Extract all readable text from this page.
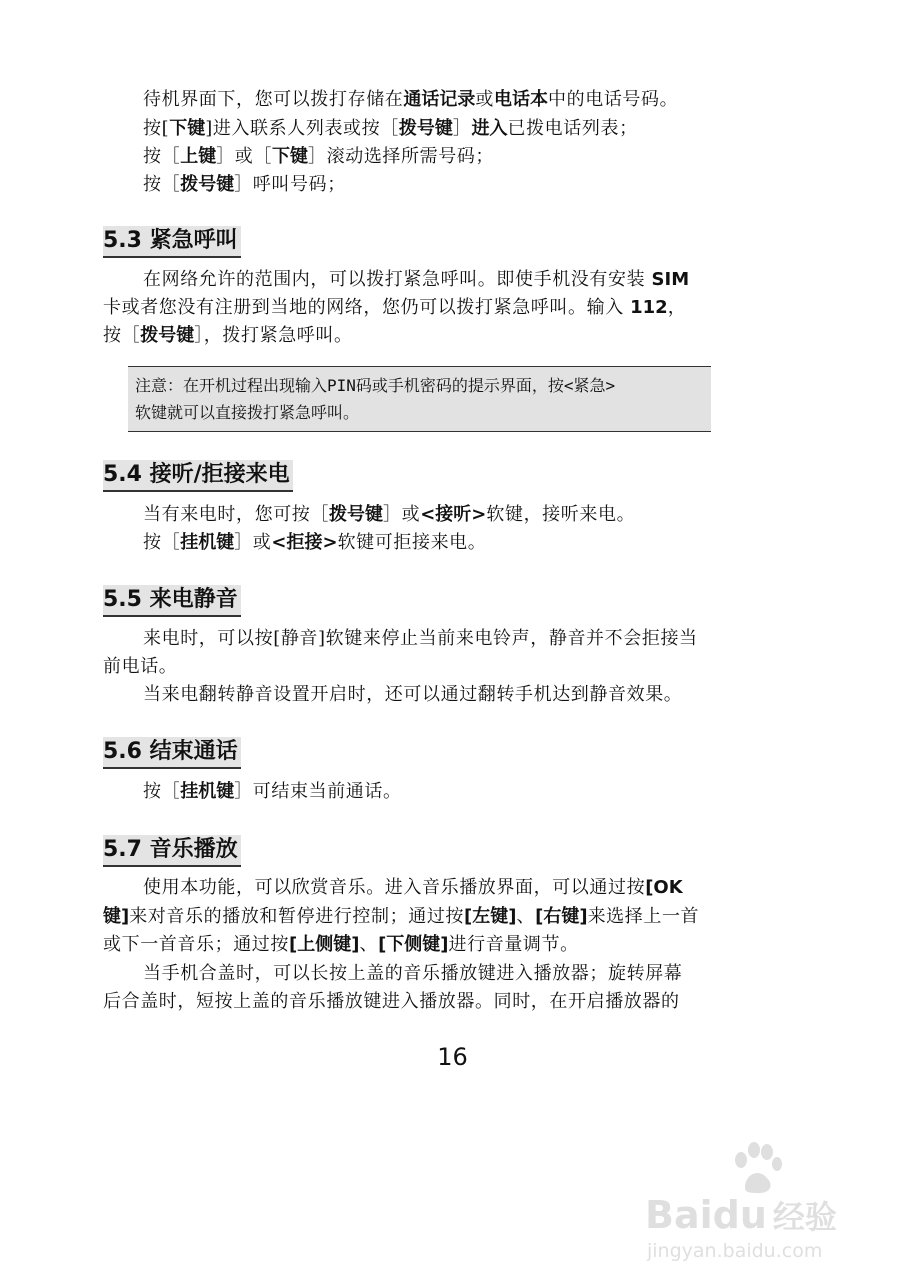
待机界面下，您可以拨打存储在通话记录或电话本中的电话号码。
按[下键]进入联系人列表或按［拨号键］进入已拨电话列表；
按［上键］或［下键］滚动选择所需号码；
按［拨号键］呼叫号码；
5.3 紧急呼叫
在网络允许的范围内，可以拨打紧急呼叫。即使手机没有安装 SIM
卡或者您没有注册到当地的网络，您仍可以拨打紧急呼叫。输入 112，
按［拨号键］，拨打紧急呼叫。
注意：在开机过程出现输入PIN码或手机密码的提示界面，按<紧急>
软键就可以直接拨打紧急呼叫。
5.4 接听/拒接来电
当有来电时，您可按［拨号键］或<接听>软键，接听来电。
按［挂机键］或<拒接>软键可拒接来电。
5.5 来电静音
来电时，可以按[静音]软键来停止当前来电铃声，静音并不会拒接当
前电话。
当来电翻转静音设置开启时，还可以通过翻转手机达到静音效果。
5.6 结束通话
按［挂机键］可结束当前通话。
5.7 音乐播放
使用本功能，可以欣赏音乐。进入音乐播放界面，可以通过按[OK
键]来对音乐的播放和暂停进行控制；通过按[左键]、[右键]来选择上一首
或下一首音乐；通过按[上侧键]、[下侧键]进行音量调节。
当手机合盖时，可以长按上盖的音乐播放键进入播放器；旋转屏幕
后合盖时，短按上盖的音乐播放键进入播放器。同时，在开启播放器的
16
Baidu 经验
jingyan.baidu.com
